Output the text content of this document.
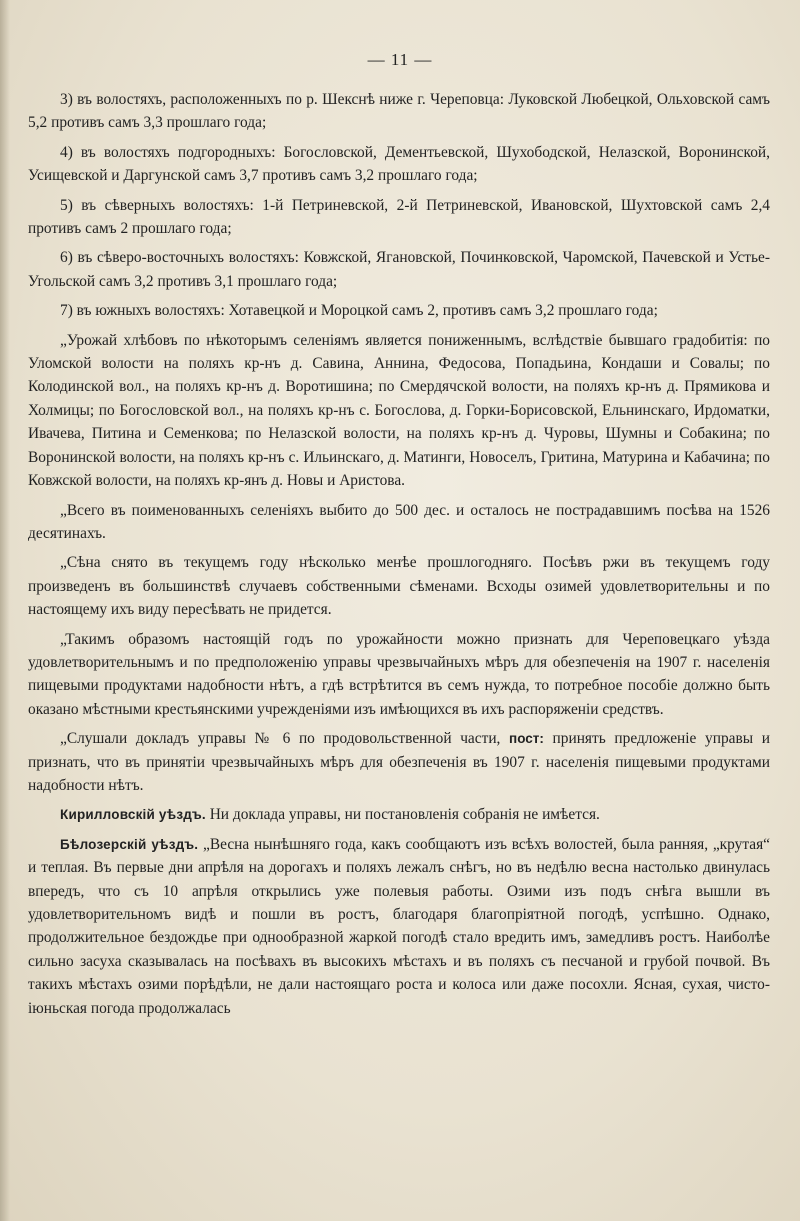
— 11 —

3) въ волостяхъ, расположенныхъ по р. Шекснѣ ниже г. Череповца: Луковской Любецкой, Ольховской самъ 5,2 противъ самъ 3,3 прошлаго года;

4) въ волостяхъ подгородныхъ: Богословской, Дементьевской, Шухободской, Нелазской, Воронинской, Усищевской и Даргунской самъ 3,7 противъ самъ 3,2 прошлаго года;

5) въ сѣверныхъ волостяхъ: 1-й Петриневской, 2-й Петриневской, Ивановской, Шухтовской самъ 2,4 противъ самъ 2 прошлаго года;

6) въ сѣверо-восточныхъ волостяхъ: Ковжской, Ягановской, Починковской, Чаромской, Пачевской и Устье-Угольской самъ 3,2 противъ 3,1 прошлаго года;

7) въ южныхъ волостяхъ: Хотавецкой и Мороцкой самъ 2, противъ самъ 3,2 прошлаго года;

„Урожай хлѣбовъ по нѣкоторымъ селеніямъ является пониженнымъ, вслѣдствіе бывшаго градобитія: по Уломской волости на поляхъ кр-нъ д. Савина, Аннина, Федосова, Попадьина, Кондаши и Совалы; по Колодинской вол., на поляхъ кр-нъ д. Воротишина; по Смердячской волости, на поляхъ кр-нъ д. Прямикова и Холмицы; по Богословской вол., на поляхъ кр-нъ с. Богослова, д. Горки-Борисовской, Ельнинскаго, Ирдоматки, Ивачева, Питина и Семенкова; по Нелазской волости, на поляхъ кр-нъ д. Чуровы, Шумны и Собакина; по Воронинской волости, на поляхъ кр-нъ с. Ильинскаго, д. Матинги, Новоселъ, Гритина, Матурина и Кабачина; по Ковжской волости, на поляхъ кр-янъ д. Новы и Аристова.

„Всего въ поименованныхъ селеніяхъ выбито до 500 дес. и осталось не пострадавшимъ посѣва на 1526 десятинахъ.

„Сѣна снято въ текущемъ году нѣсколько менѣе прошлогодняго. Посѣвъ ржи въ текущемъ году произведенъ въ большинствѣ случаевъ собственными сѣменами. Всходы озимей удовлетворительны и по настоящему ихъ виду пересѣвать не придется.

„Такимъ образомъ настоящій годъ по урожайности можно признать для Череповецкаго уѣзда удовлетворительнымъ и по предположенію управы чрезвычайныхъ мѣръ для обезпеченія на 1907 г. населенія пищевыми продуктами надобности нѣтъ, а гдѣ встрѣтится въ семъ нужда, то потребное пособіе должно быть оказано мѣстными крестьянскими учрежденіями изъ имѣющихся въ ихъ распоряженіи средствъ.

„Слушали докладъ управы № 6 по продовольственной части, пост: принять предложеніе управы и признать, что въ принятіи чрезвычайныхъ мѣръ для обезпеченія въ 1907 г. населенія пищевыми продуктами надобности нѣтъ.

Кирилловскій уѣздъ. Ни доклада управы, ни постановленія собранія не имѣется.

Бѣлозерскій уѣздъ. „Весна нынѣшняго года, какъ сообщаютъ изъ всѣхъ волостей, была ранняя, „крутая“ и теплая. Въ первые дни апрѣля на дорогахъ и поляхъ лежалъ снѣгъ, но въ недѣлю весна настолько двинулась впередъ, что съ 10 апрѣля открылись уже полевыя работы. Озими изъ подъ снѣга вышли въ удовлетворительномъ видѣ и пошли въ ростъ, благодаря благопріятной погодѣ, успѣшно. Однако, продолжительное бездождье при однообразной жаркой погодѣ стало вредить имъ, замедливъ ростъ. Наиболѣе сильно засуха сказывалась на посѣвахъ въ высокихъ мѣстахъ и въ поляхъ съ песчаной и грубой почвой. Въ такихъ мѣстахъ озими порѣдѣли, не дали настоящаго роста и колоса или даже посохли. Ясная, сухая, чисто-іюньская погода продолжалась
